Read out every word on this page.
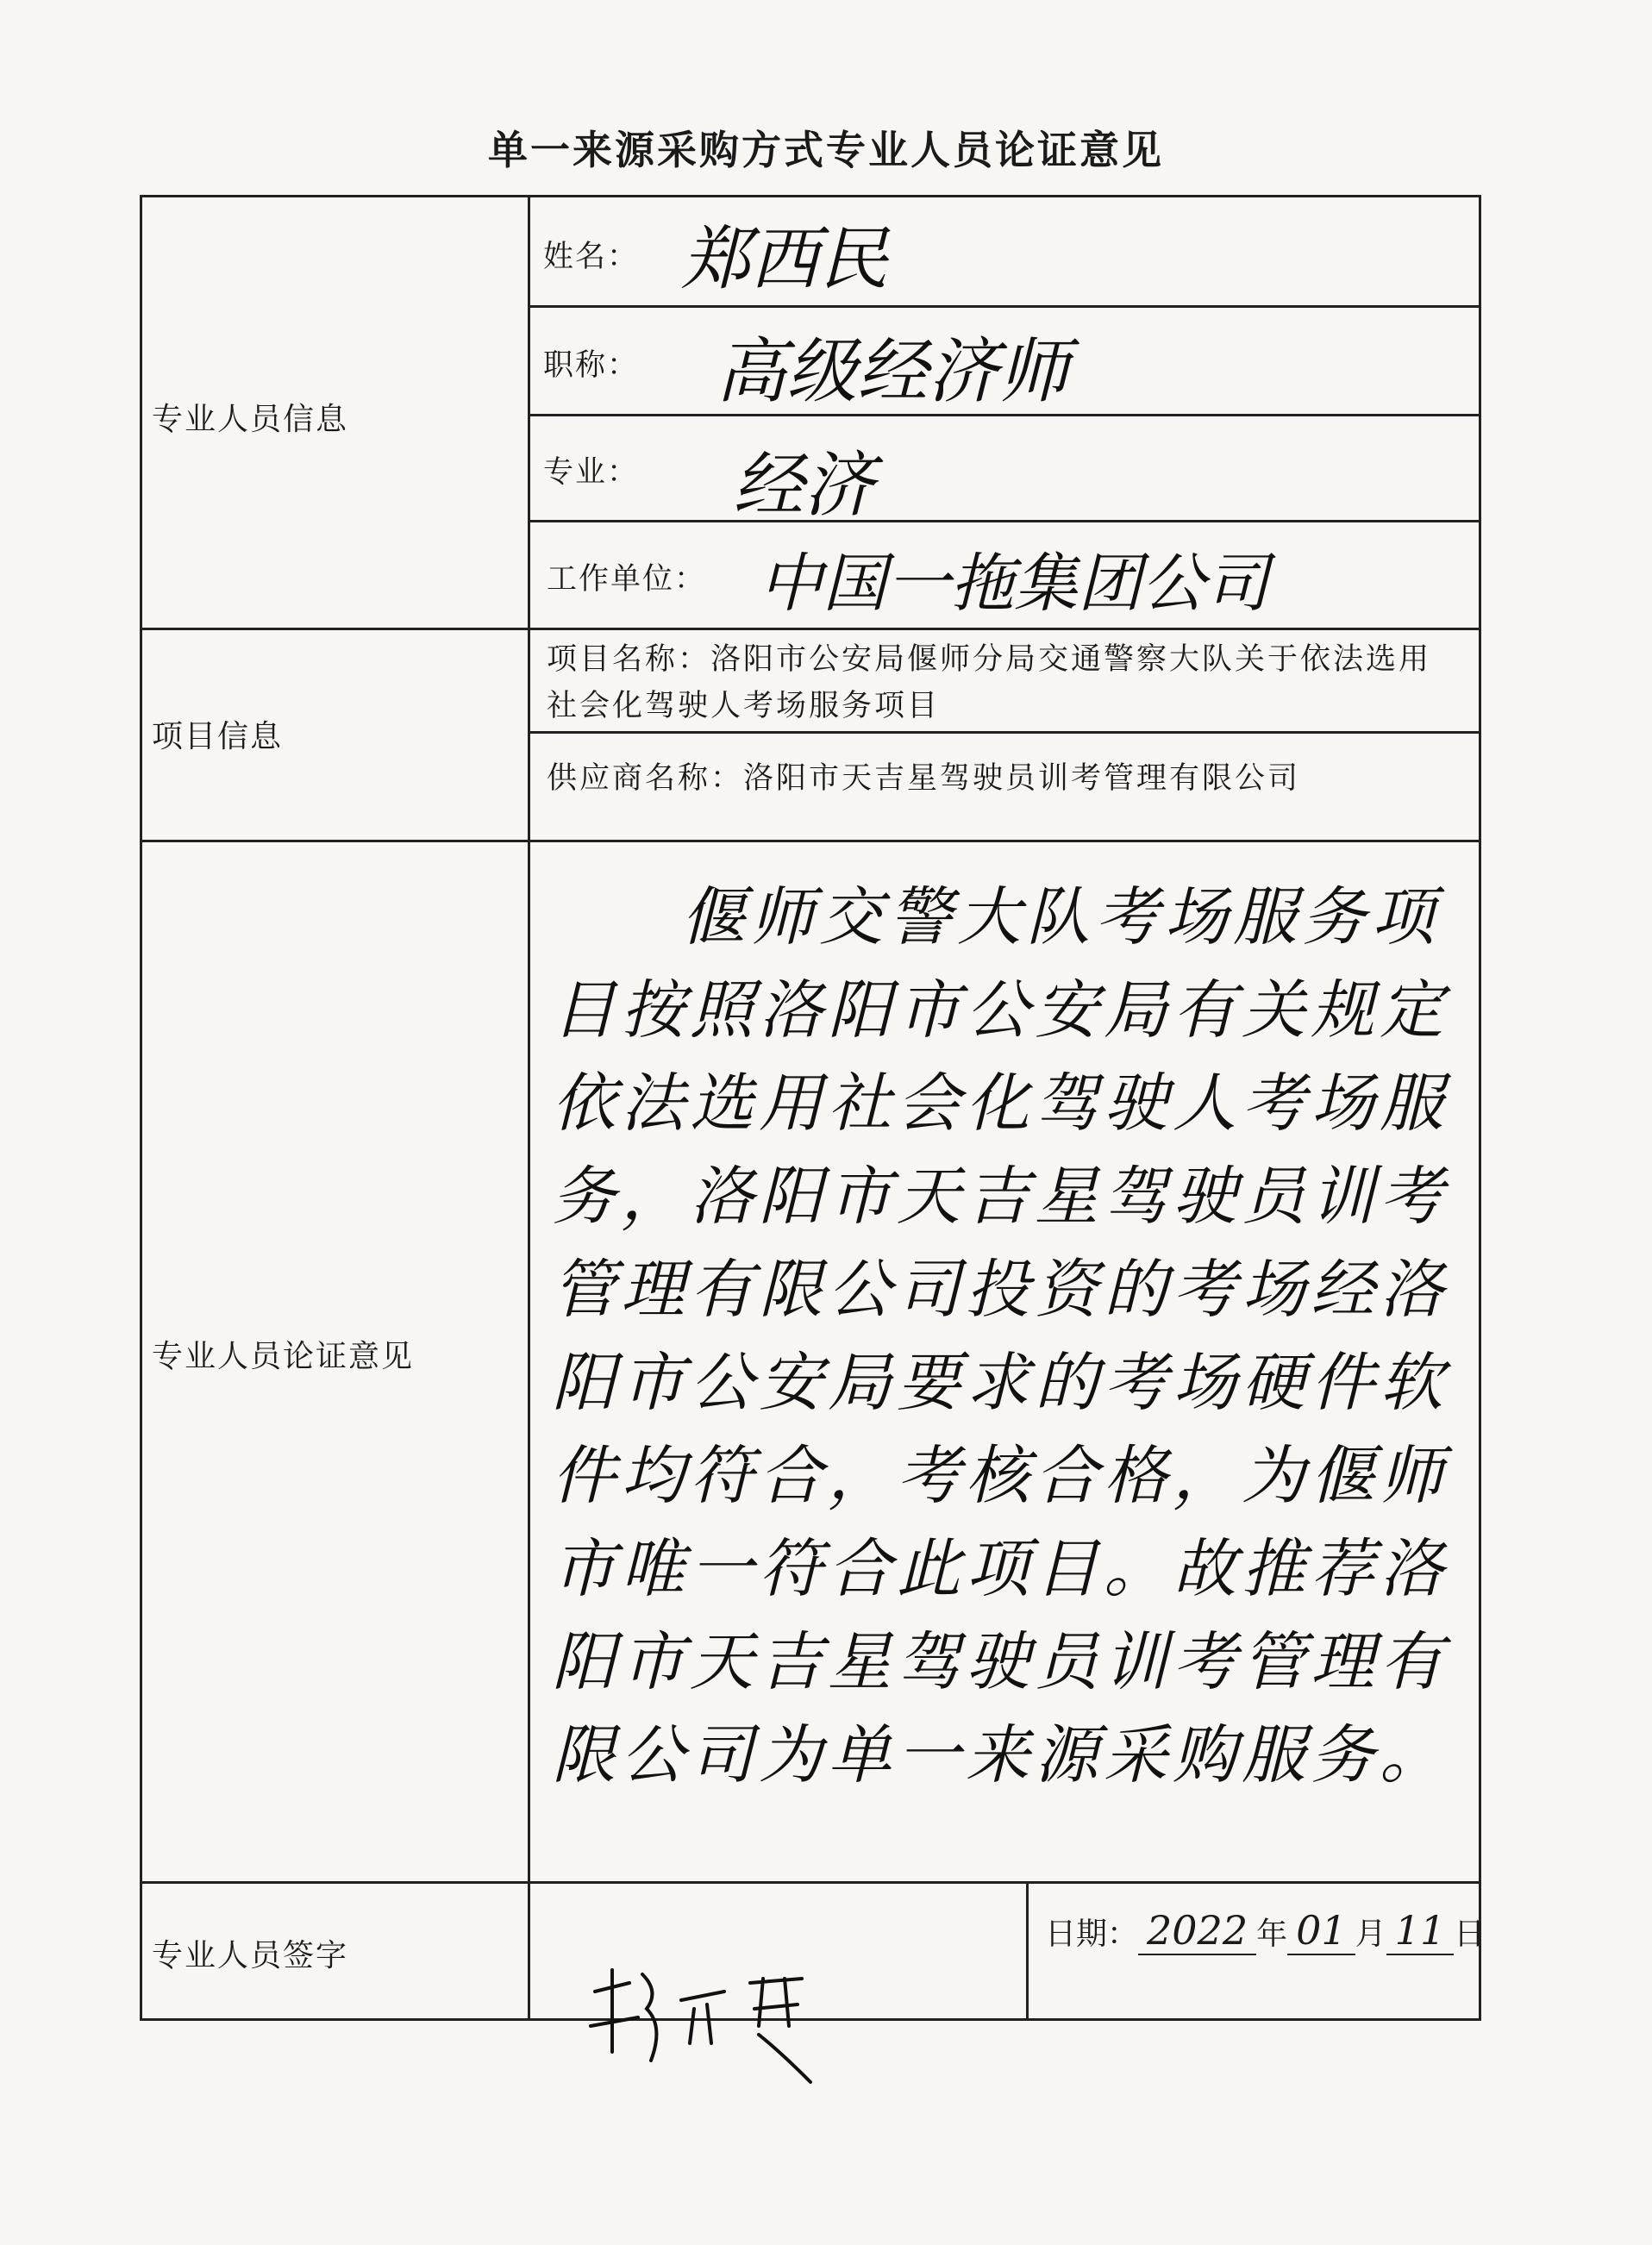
单一来源采购方式专业人员论证意见
专业人员信息
项目信息
专业人员论证意见
专业人员签字
姓名： 郑西民
职称： 高级经济师
专业： 经济
工作单位： 中国一拖集团公司
项目名称：洛阳市公安局偃师分局交通警察大队关于依法选用社会化驾驶人考场服务项目
供应商名称：洛阳市天吉星驾驶员训考管理有限公司
偃师交警大队考场服务项目按照洛阳市公安局有关规定依法选用社会化驾驶人考场服务，洛阳市天吉星驾驶员训考管理有限公司投资的考场经洛阳市公安局要求的考场硬件软件均符合，考核合格，为偃师市唯一符合此项目。故推荐洛阳市天吉星驾驶员训考管理有限公司为单一来源采购服务。
日期： 2022 年 01 月 11 日
